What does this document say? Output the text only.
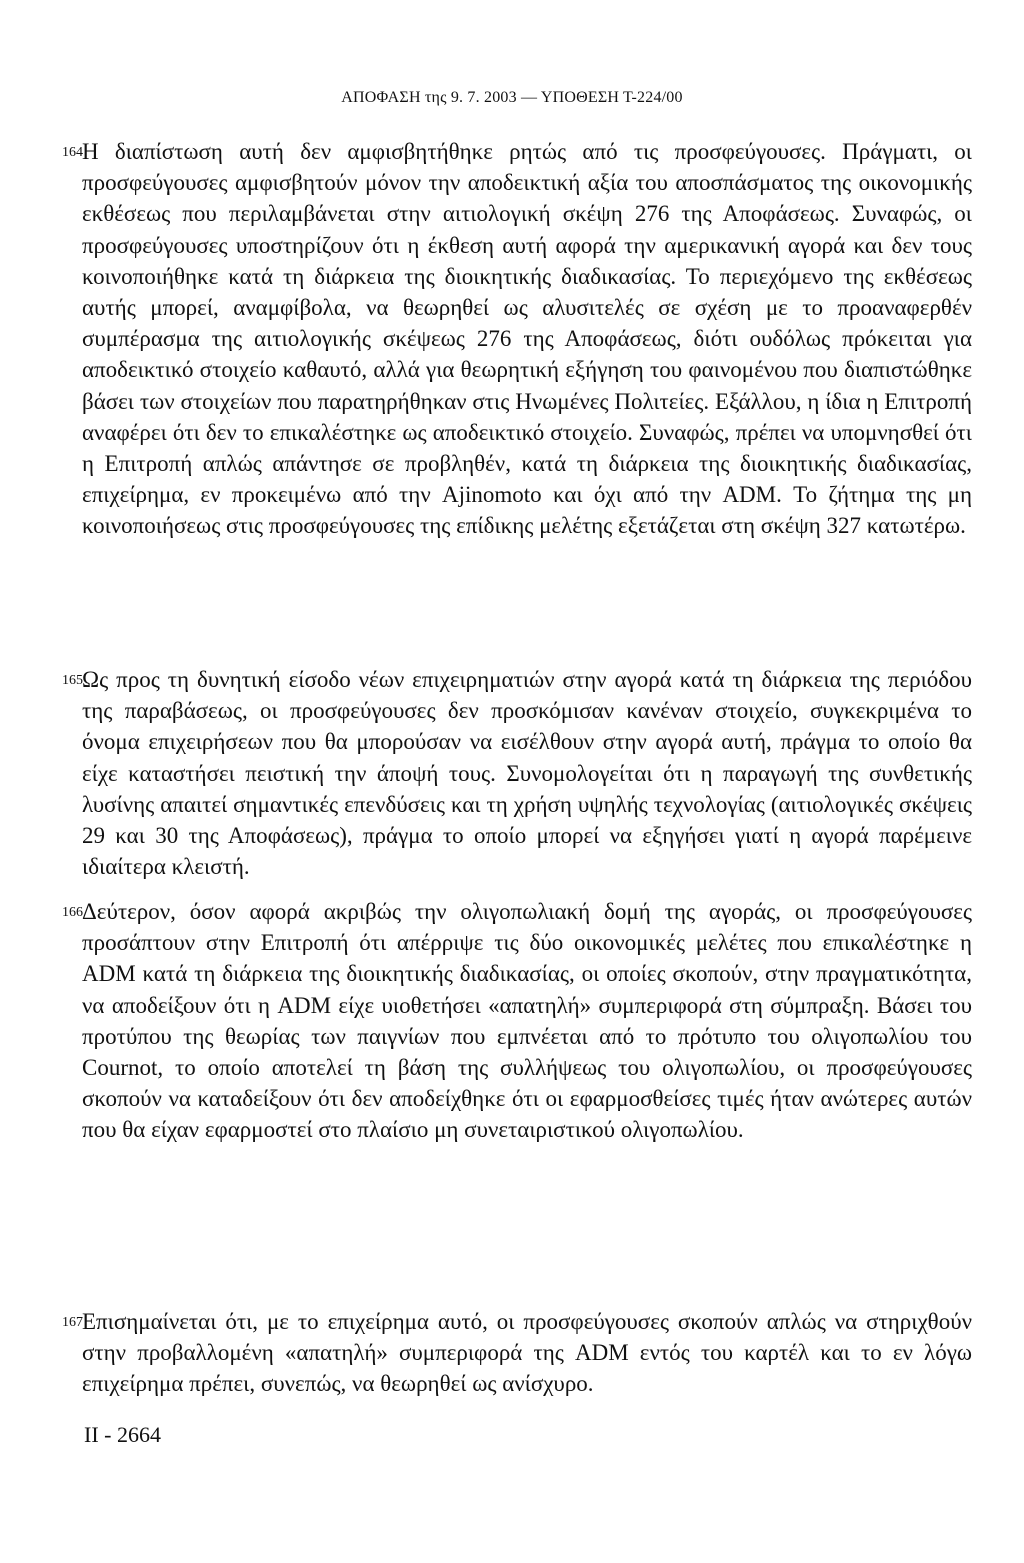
ΑΠΟΦΑΣΗ της 9. 7. 2003 — ΥΠΟΘΕΣΗ Τ-224/00
164 Η διαπίστωση αυτή δεν αμφισβητήθηκε ρητώς από τις προσφεύγουσες. Πράγματι, οι προσφεύγουσες αμφισβητούν μόνον την αποδεικτική αξία του αποσπάσματος της οικονομικής εκθέσεως που περιλαμβάνεται στην αιτιολογική σκέψη 276 της Αποφάσεως. Συναφώς, οι προσφεύγουσες υποστηρίζουν ότι η έκθεση αυτή αφορά την αμερικανική αγορά και δεν τους κοινοποιήθηκε κατά τη διάρκεια της διοικητικής διαδικασίας. Το περιεχόμενο της εκθέσεως αυτής μπορεί, αναμφίβολα, να θεωρηθεί ως αλυσιτελές σε σχέση με το προαναφερθέν συμπέρασμα της αιτιολογικής σκέψεως 276 της Αποφάσεως, διότι ουδόλως πρόκειται για αποδεικτικό στοιχείο καθαυτό, αλλά για θεωρητική εξήγηση του φαινομένου που διαπιστώθηκε βάσει των στοιχείων που παρατηρήθηκαν στις Ηνωμένες Πολιτείες. Εξάλλου, η ίδια η Επιτροπή αναφέρει ότι δεν το επικαλέστηκε ως αποδεικτικό στοιχείο. Συναφώς, πρέπει να υπομνησθεί ότι η Επιτροπή απλώς απάντησε σε προβληθέν, κατά τη διάρκεια της διοικητικής διαδικασίας, επιχείρημα, εν προκειμένω από την Ajinomoto και όχι από την ADM. Το ζήτημα της μη κοινοποιήσεως στις προσφεύγουσες της επίδικης μελέτης εξετάζεται στη σκέψη 327 κατωτέρω.

165 Ως προς τη δυνητική είσοδο νέων επιχειρηματιών στην αγορά κατά τη διάρκεια της περιόδου της παραβάσεως, οι προσφεύγουσες δεν προσκόμισαν κανέναν στοιχείο, συγκεκριμένα το όνομα επιχειρήσεων που θα μπορούσαν να εισέλθουν στην αγορά αυτή, πράγμα το οποίο θα είχε καταστήσει πειστική την άποψή τους. Συνομολογείται ότι η παραγωγή της συνθετικής λυσίνης απαιτεί σημαντικές επενδύσεις και τη χρήση υψηλής τεχνολογίας (αιτιολογικές σκέψεις 29 και 30 της Αποφάσεως), πράγμα το οποίο μπορεί να εξηγήσει γιατί η αγορά παρέμεινε ιδιαίτερα κλειστή.

166 Δεύτερον, όσον αφορά ακριβώς την ολιγοπωλιακή δομή της αγοράς, οι προσφεύγουσες προσάπτουν στην Επιτροπή ότι απέρριψε τις δύο οικονομικές μελέτες που επικαλέστηκε η ADM κατά τη διάρκεια της διοικητικής διαδικασίας, οι οποίες σκοπούν, στην πραγματικότητα, να αποδείξουν ότι η ADM είχε υιοθετήσει «απατηλή» συμπεριφορά στη σύμπραξη. Βάσει του προτύπου της θεωρίας των παιγνίων που εμπνέεται από το πρότυπο του ολιγοπωλίου του Cournot, το οποίο αποτελεί τη βάση της συλλήψεως του ολιγοπωλίου, οι προσφεύγουσες σκοπούν να καταδείξουν ότι δεν αποδείχθηκε ότι οι εφαρμοσθείσες τιμές ήταν ανώτερες αυτών που θα είχαν εφαρμοστεί στο πλαίσιο μη συνεταιριστικού ολιγοπωλίου.

167 Επισημαίνεται ότι, με το επιχείρημα αυτό, οι προσφεύγουσες σκοπούν απλώς να στηριχθούν στην προβαλλομένη «απατηλή» συμπεριφορά της ADM εντός του καρτέλ και το εν λόγω επιχείρημα πρέπει, συνεπώς, να θεωρηθεί ως ανίσχυρο.

II - 2664
